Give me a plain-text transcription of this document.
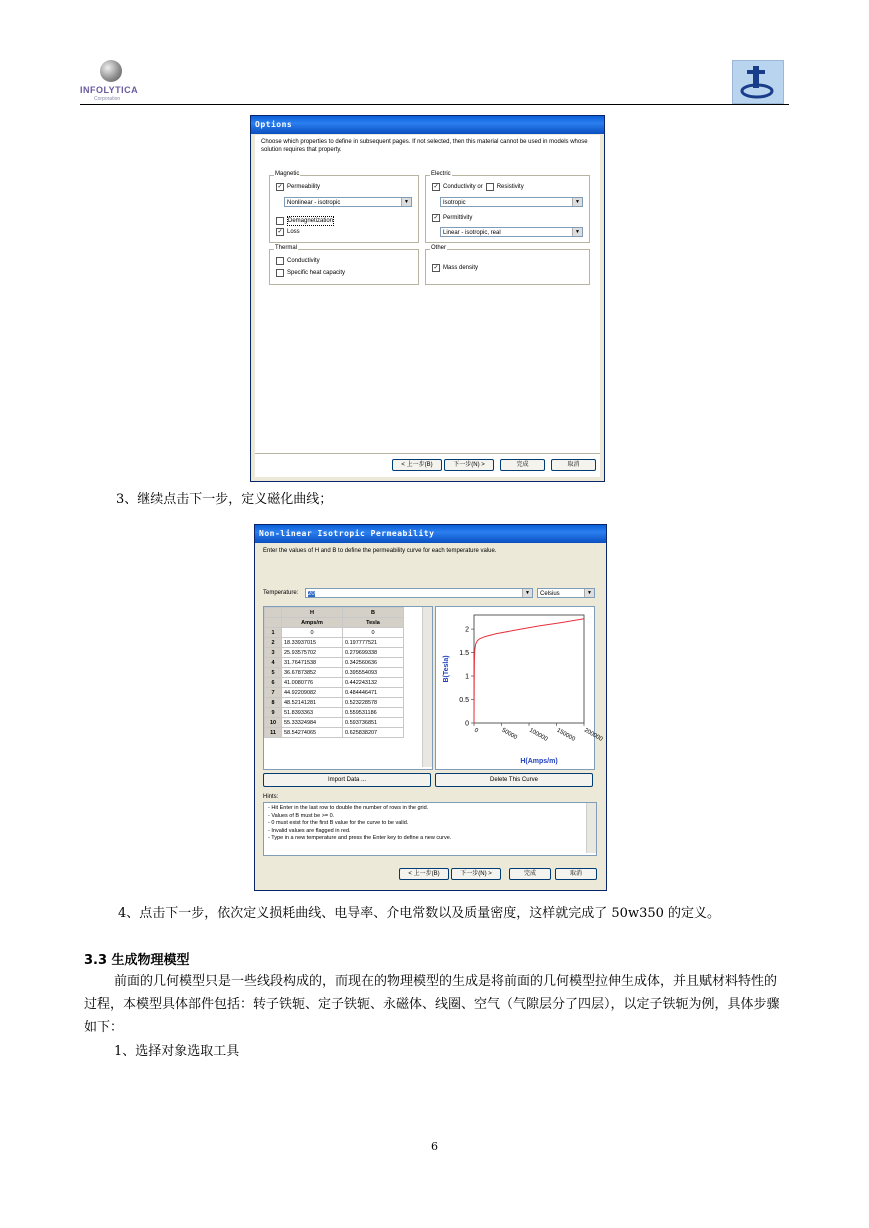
INFOLYTICA
Corporation
Options
Choose which properties to define in subsequent pages. If not selected, then this material cannot be used in models whose solution requires that property.
Magnetic
✓ Permeability
Nonlinear - isotropic	▼
Demagnetization
✓ Loss
Electric
✓ Conductivity or Resistivity
Isotropic	▼
✓ Permittivity
Linear - isotropic, real	▼
Thermal
Conductivity
Specific heat capacity
Other
✓ Mass density
< 上一步(B)	下一步(N) >	完成	取消
3、继续点击下一步，定义磁化曲线；
Non-linear Isotropic Permeability
Enter the values of H and B to define the permeability curve for each temperature value.
Temperature:	20	▼	Celsius	▼
	H	B
	Amps/m	Tesla
1	0	0
2	18.33937015	0.197777521
3	25.93575702	0.279699338
4	31.76471538	0.342560636
5	36.67873852	0.395554093
6	41.0080776	0.442243132
7	44.92209082	0.484446471
8	48.52141281	0.523228578
9	51.8393363	0.559531186
10	55.33324984	0.593736851
11	58.54274065	0.625838207
0
0.5
1
1.5
2
0	50000 100000 150000 200000
H(Amps/m)
B(Tesla)
Import Data ...	Delete This Curve
Hints:
- Hit Enter in the last row to double the number of rows in the grid.
- Values of B must be >= 0.
- 0 must exist for the first B value for the curve to be valid.
- Invalid values are flagged in red.
- Type in a new temperature and press the Enter key to define a new curve.
< 上一步(B)	下一步(N) >	完成	取消
4、点击下一步，依次定义损耗曲线、电导率、介电常数以及质量密度，这样就完成了 50w350 的定义。
3.3 生成物理模型
前面的几何模型只是一些线段构成的，而现在的物理模型的生成是将前面的几何模型拉伸生成体，并且赋材料特性的过程，本模型具体部件包括：转子铁轭、定子铁轭、永磁体、线圈、空气（气隙层分了四层），以定子铁轭为例，具体步骤如下：
1、选择对象选取工具
6
